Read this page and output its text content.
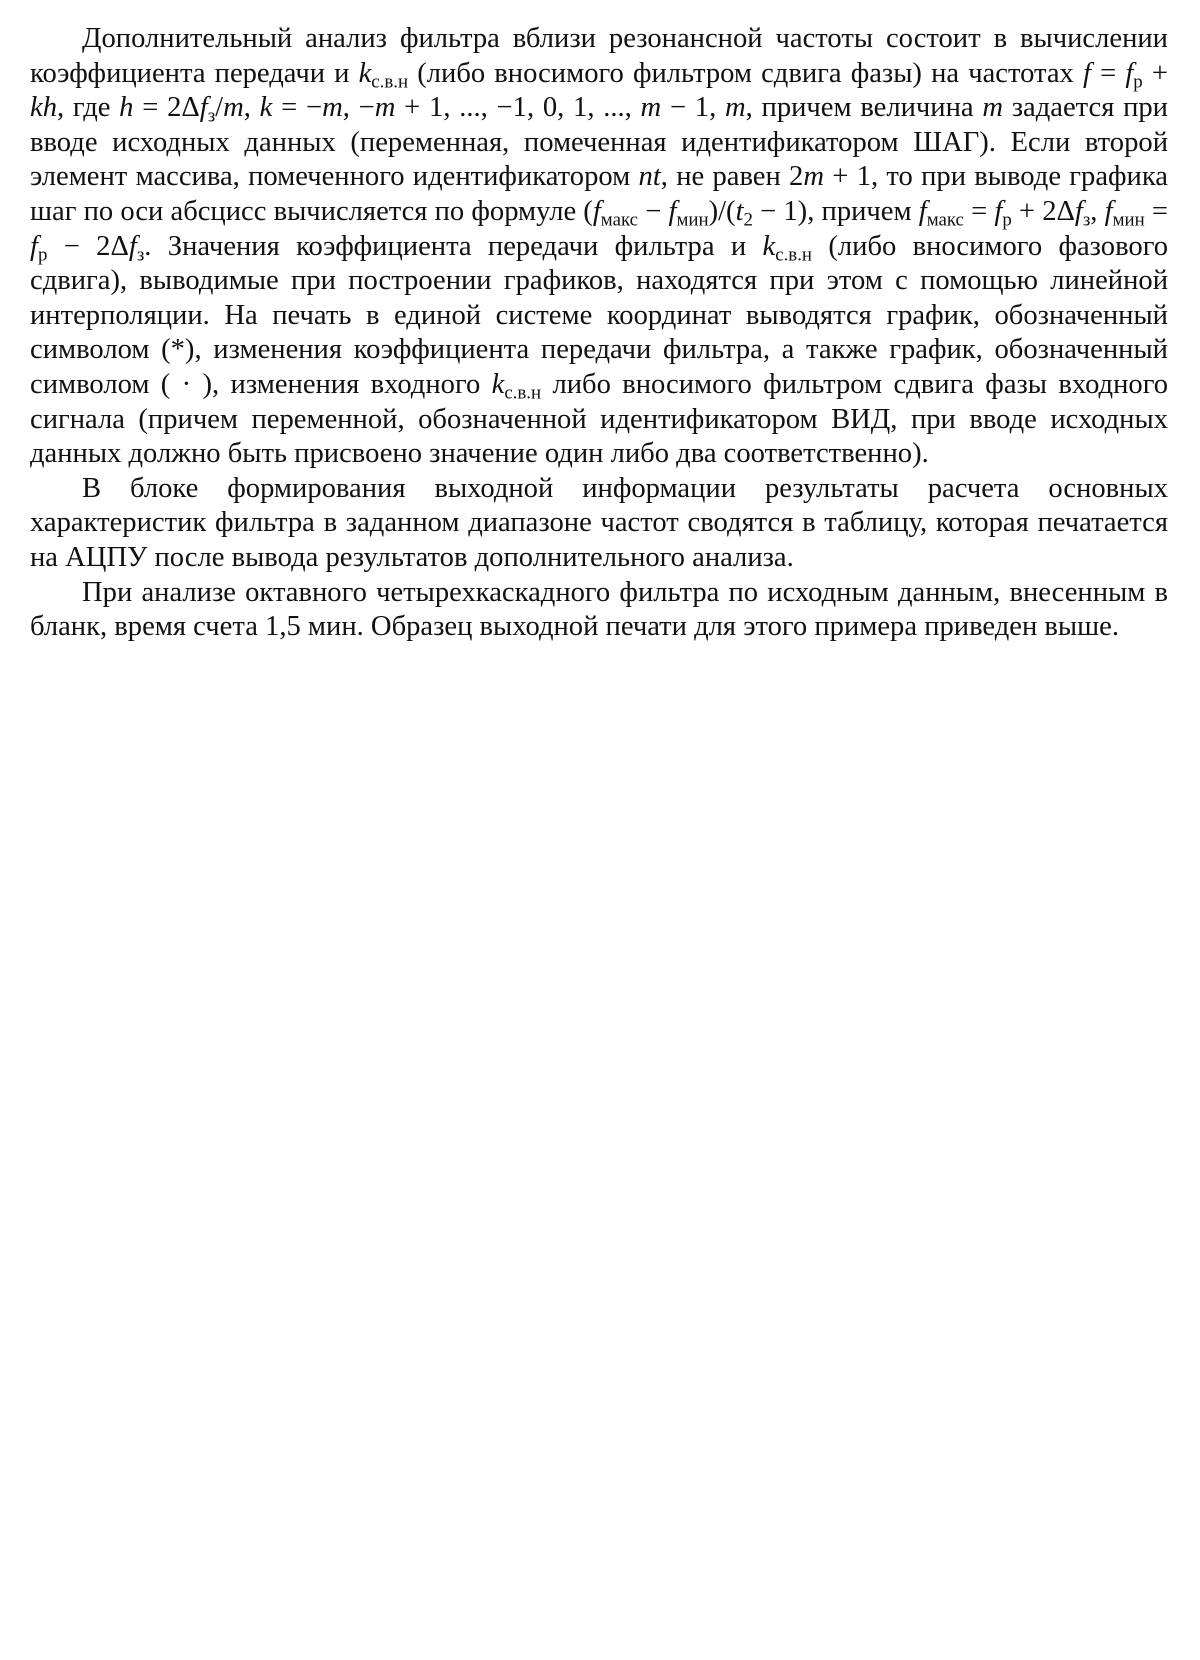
Дополнительный анализ фильтра вблизи резонансной частоты состоит в вычислении коэффициента передачи и $k_{с.в.н}$ (либо вносимого фильтром сдвига фазы) на частотах $f = f_р$ + kh, где $h = 2\Delta f_з/m$, k = −m, −m + 1, ..., −1, 0, 1, ..., m − 1, m, причем величина m задается при вводе исходных данных (переменная, помеченная идентификатором ШАГ). Если второй элемент массива, помеченного идентификатором nt, не равен 2m + 1, то при выводе графика шаг по оси абсцисс вычисляется по формуле $(f_{макс} - f_{мин})/(t_2 - 1)$, причем $f_{макс} = f_р + 2\Delta f_з$, $f_{мин} = f_р - 2\Delta f_з$. Значения коэффициента передачи фильтра и $k_{с.в.н}$ (либо вносимого фазового сдвига), выводимые при построении графиков, находятся при этом с помощью линейной интерполяции. На печать в единой системе координат выводятся график, обозначенный символом (*), изменения коэффициента передачи фильтра, а также график, обозначенный символом ( · ), изменения входного $k_{с.в.н}$ либо вносимого фильтром сдвига фазы входного сигнала (причем переменной, обозначенной идентификатором ВИД, при вводе исходных данных должно быть присвоено значение один либо два соответственно).

В блоке формирования выходной информации результаты расчета основных характеристик фильтра в заданном диапазоне частот сводятся в таблицу, которая печатается на АЦПУ после вывода результатов дополнительного анализа.

При анализе октавного четырехкаскадного фильтра по исходным данным, внесенным в бланк, время счета 1,5 мин. Образец выходной печати для этого примера приведен выше.
